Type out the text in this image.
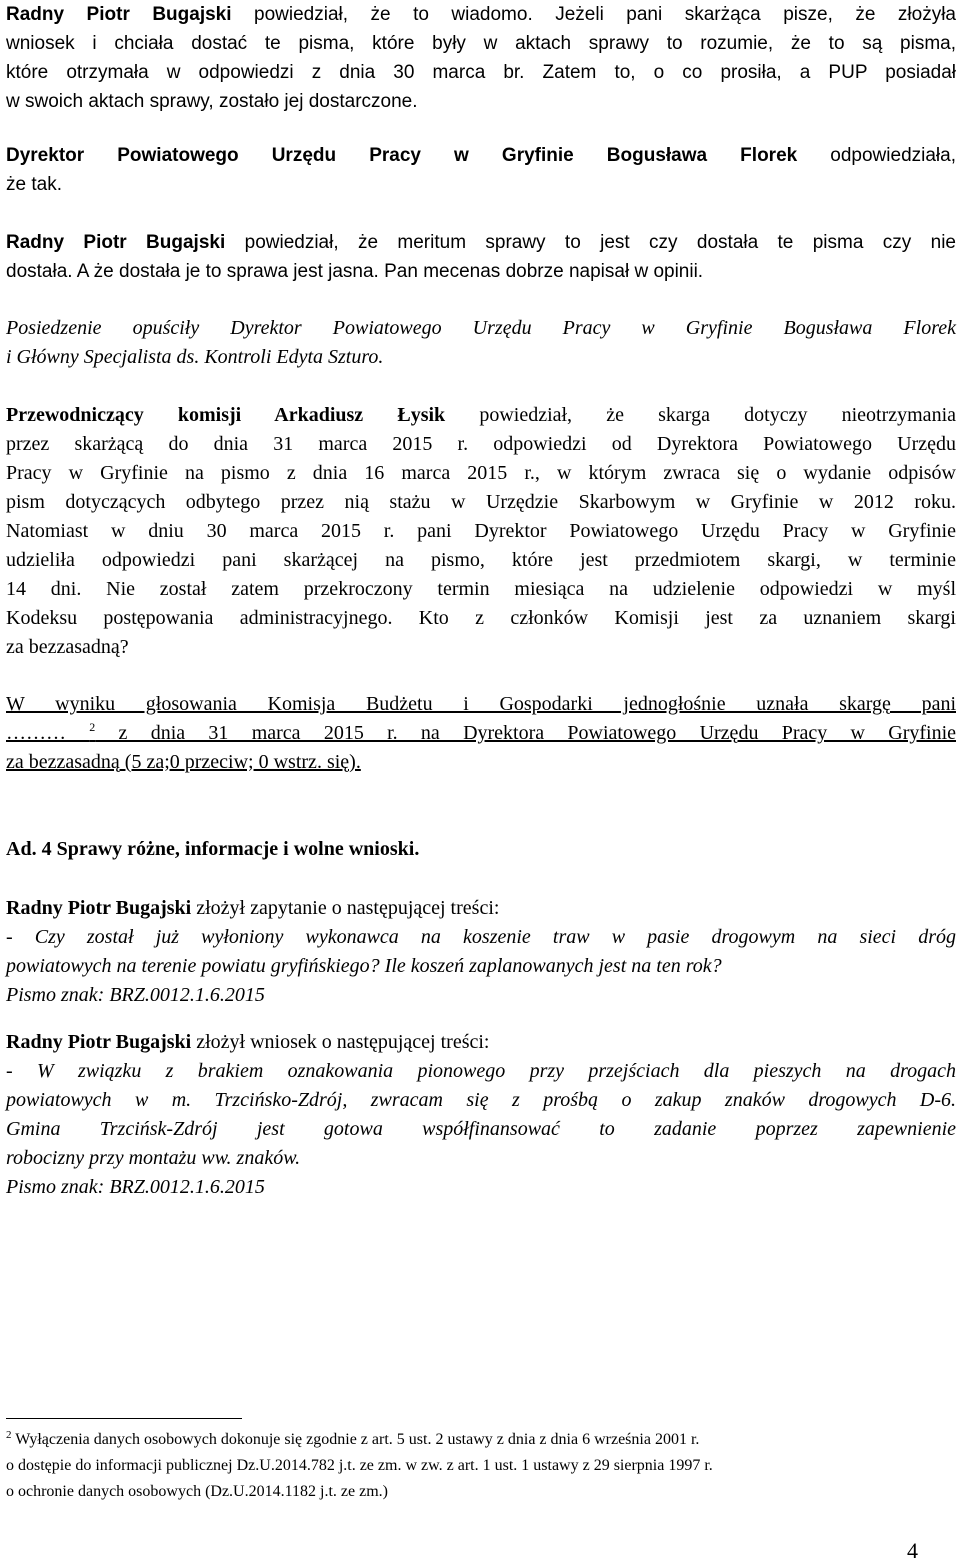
Radny Piotr Bugajski powiedział, że to wiadomo. Jeżeli pani skarżąca pisze, że złożyła
wniosek i chciała dostać te pisma, które były w aktach sprawy to rozumie, że to są pisma,
które otrzymała w odpowiedzi z dnia 30 marca br. Zatem to, o co prosiła, a PUP posiadał
w swoich aktach sprawy, zostało jej dostarczone.
Dyrektor Powiatowego Urzędu Pracy w Gryfinie Bogusława Florek odpowiedziała,
że tak.
Radny Piotr Bugajski powiedział, że meritum sprawy to jest czy dostała te pisma czy nie
dostała. A że dostała je to sprawa jest jasna. Pan mecenas dobrze napisał w opinii.
Posiedzenie opuściły Dyrektor Powiatowego Urzędu Pracy w Gryfinie Bogusława Florek
i Główny Specjalista ds. Kontroli Edyta Szturo.
Przewodniczący komisji Arkadiusz Łysik powiedział, że skarga dotyczy nieotrzymania
przez skarżącą do dnia 31 marca 2015 r. odpowiedzi od Dyrektora Powiatowego Urzędu
Pracy w Gryfinie na pismo z dnia 16 marca 2015 r., w którym zwraca się o wydanie odpisów
pism dotyczących odbytego przez nią stażu w Urzędzie Skarbowym w Gryfinie w 2012 roku.
Natomiast w dniu 30 marca 2015 r. pani Dyrektor Powiatowego Urzędu Pracy w Gryfinie
udzieliła odpowiedzi pani skarżącej na pismo, które jest przedmiotem skargi, w terminie
14 dni. Nie został zatem przekroczony termin miesiąca na udzielenie odpowiedzi w myśl
Kodeksu postępowania administracyjnego. Kto z członków Komisji jest za uznaniem skargi
za bezzasadną?
W wyniku głosowania Komisja Budżetu i Gospodarki jednogłośnie uznała skargę pani
……… $^2$ z dnia 31 marca 2015 r. na Dyrektora Powiatowego Urzędu Pracy w Gryfinie
za bezzasadną (5 za;0 przeciw; 0 wstrz. się).
Ad. 4 Sprawy różne, informacje i wolne wnioski.
Radny Piotr Bugajski złożył zapytanie o następującej treści:
- Czy został już wyłoniony wykonawca na koszenie traw w pasie drogowym na sieci dróg
powiatowych na terenie powiatu gryfińskiego? Ile koszeń zaplanowanych jest na ten rok?
Pismo znak: BRZ.0012.1.6.2015
Radny Piotr Bugajski złożył wniosek o następującej treści:
- W związku z brakiem oznakowania pionowego przy przejściach dla pieszych na drogach
powiatowych w m. Trzcińsko-Zdrój, zwracam się z prośbą o zakup znaków drogowych D-6.
Gmina Trzcińsk-Zdrój jest gotowa współfinansować to zadanie poprzez zapewnienie
robocizny przy montażu ww. znaków.
Pismo znak: BRZ.0012.1.6.2015
$^2$ Wyłączenia danych osobowych dokonuje się zgodnie z art. 5 ust. 2 ustawy z dnia z dnia 6 września 2001 r.
o dostępie do informacji publicznej Dz.U.2014.782 j.t. ze zm. w zw. z art. 1 ust. 1 ustawy z 29 sierpnia 1997 r.
o ochronie danych osobowych (Dz.U.2014.1182 j.t. ze zm.)
4
